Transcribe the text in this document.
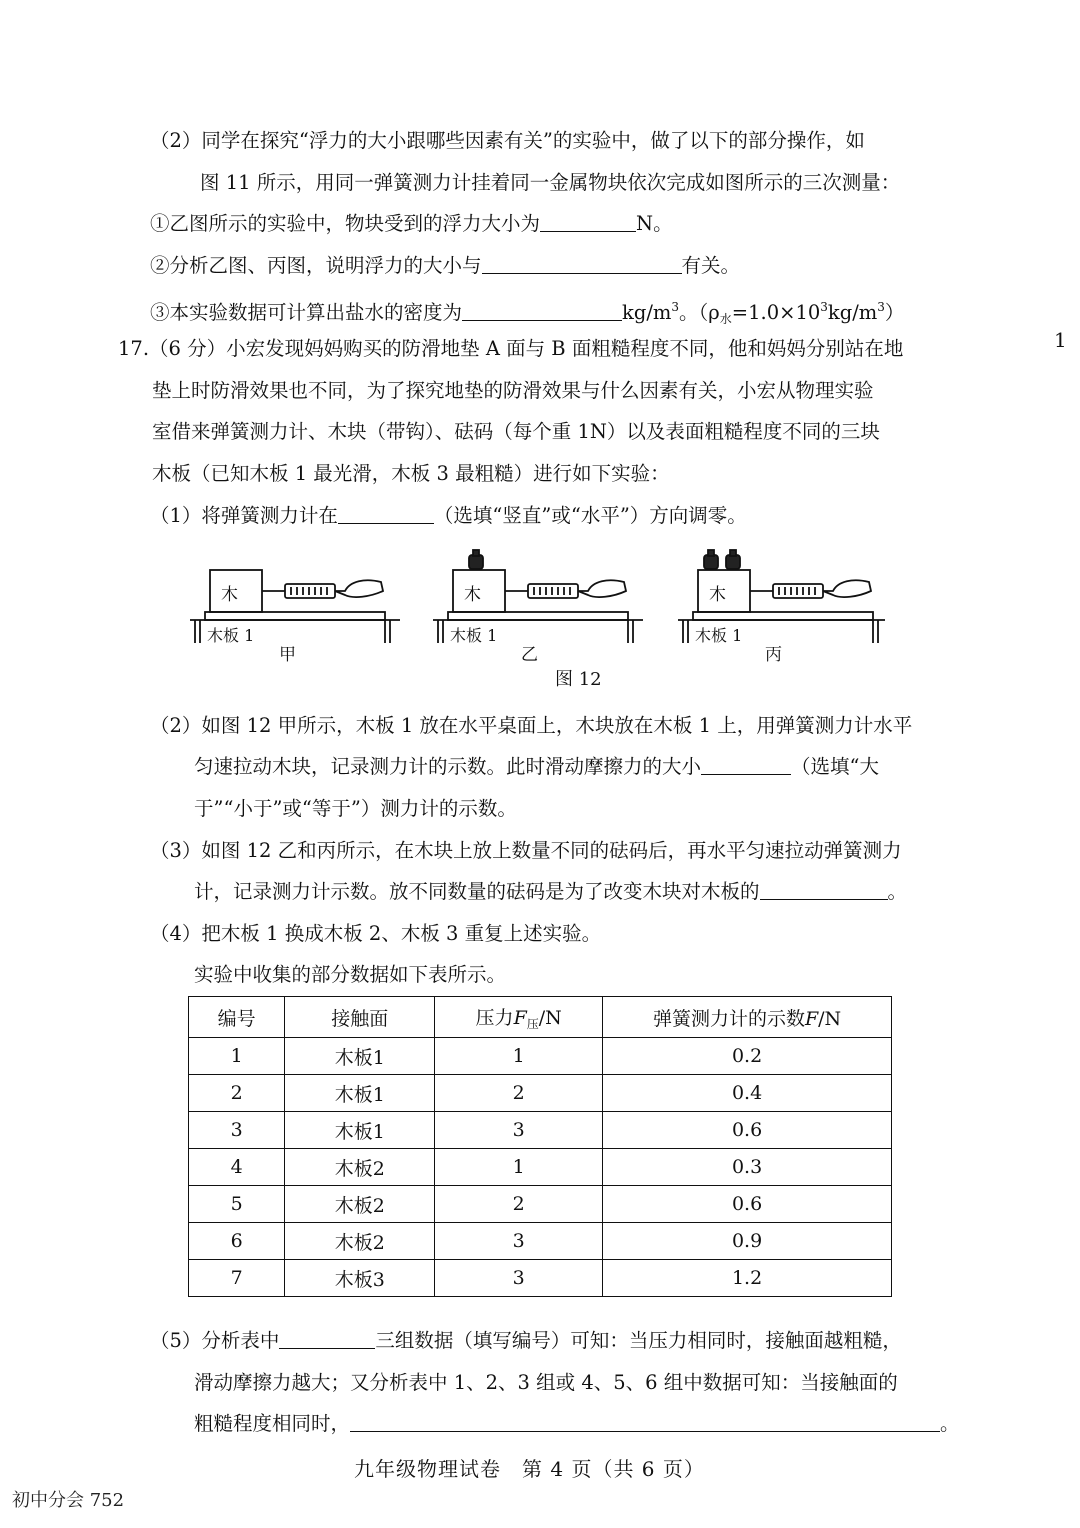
（2）同学在探究“浮力的大小跟哪些因素有关”的实验中，做了以下的部分操作，如
图 11 所示，用同一弹簧测力计挂着同一金属物块依次完成如图所示的三次测量：
①乙图所示的实验中，物块受到的浮力大小为	N。
②分析乙图、丙图，说明浮力的大小与	有关。
③本实验数据可计算出盐水的密度为	$kg/m^3$。$(\rho_水=1.0\times 10^3kg/m^3)$
1
17.（6 分）小宏发现妈妈购买的防滑地垫 A 面与 B 面粗糙程度不同，他和妈妈分别站在地
垫上时防滑效果也不同，为了探究地垫的防滑效果与什么因素有关，小宏从物理实验
室借来弹簧测力计、木块（带钩）、砝码（每个重 1N）以及表面粗糙程度不同的三块
木板（已知木板 1 最光滑，木板 3 最粗糙）进行如下实验：
（1）将弹簧测力计在	（选填“竖直”或“水平”）方向调零。
木	木	木
木板 1	木板 1	木板 1
甲	乙	丙
图 12
（2）如图 12 甲所示，木板 1 放在水平桌面上，木块放在木板 1 上，用弹簧测力计水平
匀速拉动木块，记录测力计的示数。此时滑动摩擦力的大小	（选填“大
于”“小于”或“等于”）测力计的示数。
（3）如图 12 乙和丙所示，在木块上放上数量不同的砝码后，再水平匀速拉动弹簧测力
计，记录测力计示数。放不同数量的砝码是为了改变木块对木板的	。
（4）把木板 1 换成木板 2、木板 3 重复上述实验。
实验中收集的部分数据如下表所示。
编号	接触面	压力$F_压/N$	弹簧测力计的示数F/N
1	木板1	1	0.2
2	木板1	2	0.4
3	木板1	3	0.6
4	木板2	1	0.3
5	木板2	2	0.6
6	木板2	3	0.9
7	木板3	3	1.2
（5）分析表中	三组数据（填写编号）可知：当压力相同时，接触面越粗糙，
滑动摩擦力越大；又分析表中 1、2、3 组或 4、5、6 组中数据可知：当接触面的
粗糙程度相同时，	。
九年级物理试卷　第 4 页（共 6 页）
初中分会 752
